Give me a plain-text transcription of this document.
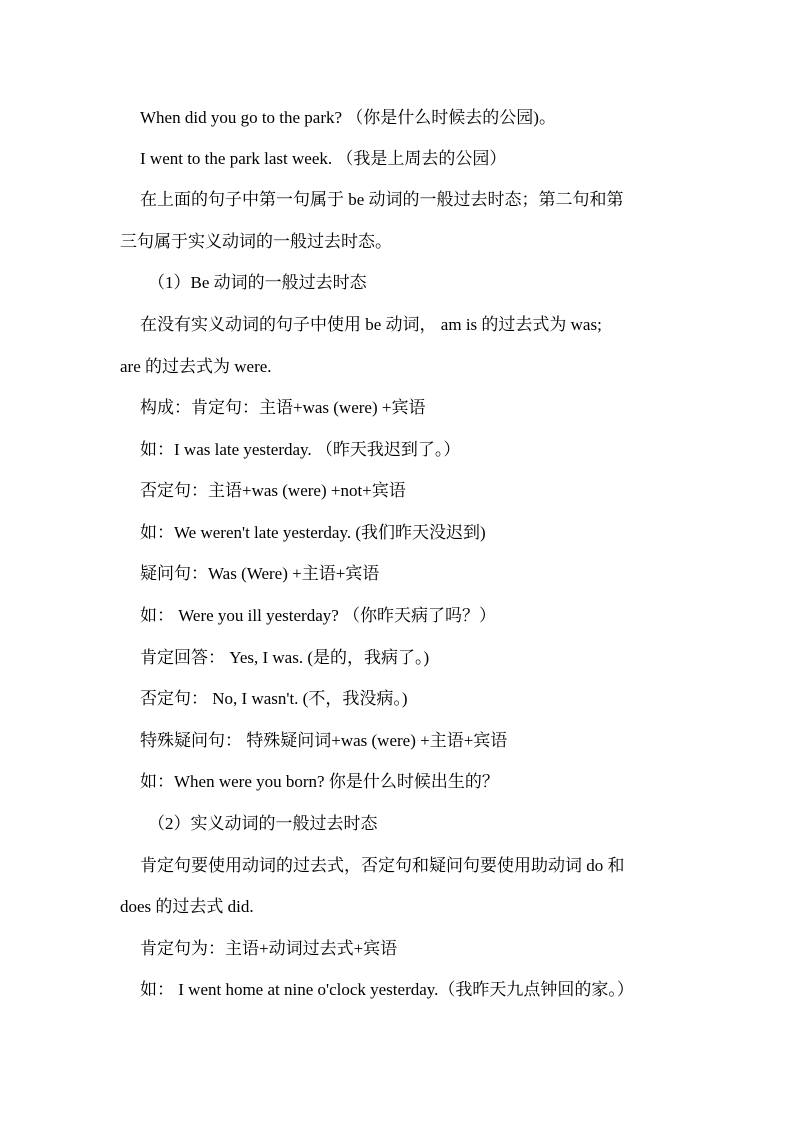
When did you go to the park? （你是什么时候去的公园)。
I went to the park last week. （我是上周去的公园）
在上面的句子中第一句属于 be 动词的一般过去时态；第二句和第
三句属于实义动词的一般过去时态。
（1）Be 动词的一般过去时态
在没有实义动词的句子中使用 be 动词， am is 的过去式为 was;
are 的过去式为 were.
构成：肯定句：主语+was (were) +宾语
如：I was late yesterday. （昨天我迟到了。）
否定句：主语+was (were) +not+宾语
如：We weren't late yesterday. (我们昨天没迟到)
疑问句：Was (Were) +主语+宾语
如： Were you ill yesterday? （你昨天病了吗？）
肯定回答： Yes, I was. (是的，我病了。)
否定句： No, I wasn't. (不，我没病。)
特殊疑问句： 特殊疑问词+was (were) +主语+宾语
如：When were you born? 你是什么时候出生的？
（2）实义动词的一般过去时态
肯定句要使用动词的过去式，否定句和疑问句要使用助动词 do 和
does 的过去式 did.
肯定句为：主语+动词过去式+宾语
如： I went home at nine o'clock yesterday.（我昨天九点钟回的家。）
